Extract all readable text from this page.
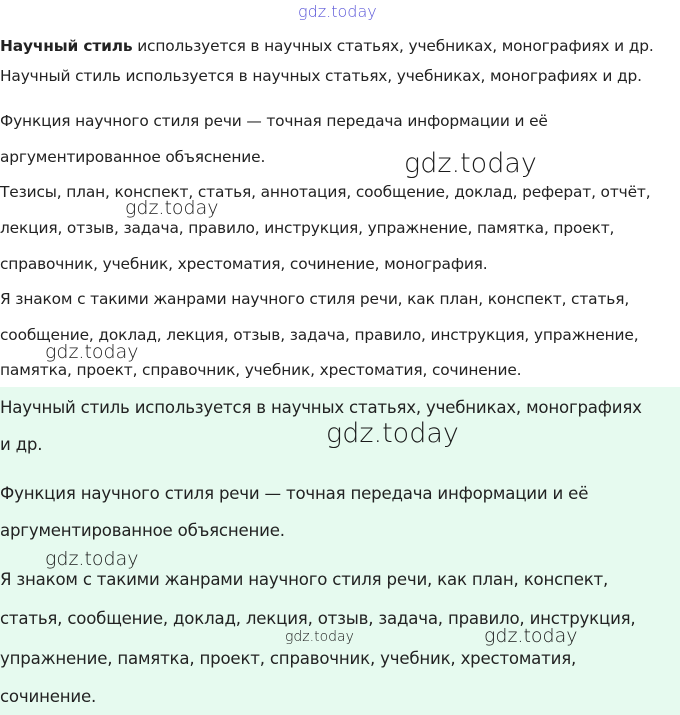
gdz.today
Научный стиль используется в научных статьях, учебниках, монографиях и др.
Научный стиль используется в научных статьях, учебниках, монографиях и др.
Функция научного стиля речи — точная передача информации и её
аргументированное объяснение.
Тезисы, план, конспект, статья, аннотация, сообщение, доклад, реферат, отчёт,
лекция, отзыв, задача, правило, инструкция, упражнение, памятка, проект,
справочник, учебник, хрестоматия, сочинение, монография.
Я знаком с такими жанрами научного стиля речи, как план, конспект, статья,
сообщение, доклад, лекция, отзыв, задача, правило, инструкция, упражнение,
памятка, проект, справочник, учебник, хрестоматия, сочинение.
Научный стиль используется в научных статьях, учебниках, монографиях
и др.
Функция научного стиля речи — точная передача информации и её
аргументированное объяснение.
Я знаком с такими жанрами научного стиля речи, как план, конспект,
статья, сообщение, доклад, лекция, отзыв, задача, правило, инструкция,
упражнение, памятка, проект, справочник, учебник, хрестоматия,
сочинение.
gdz.today
gdz.today
gdz.today
gdz.today
gdz.today
gdz.today	gdz.today
